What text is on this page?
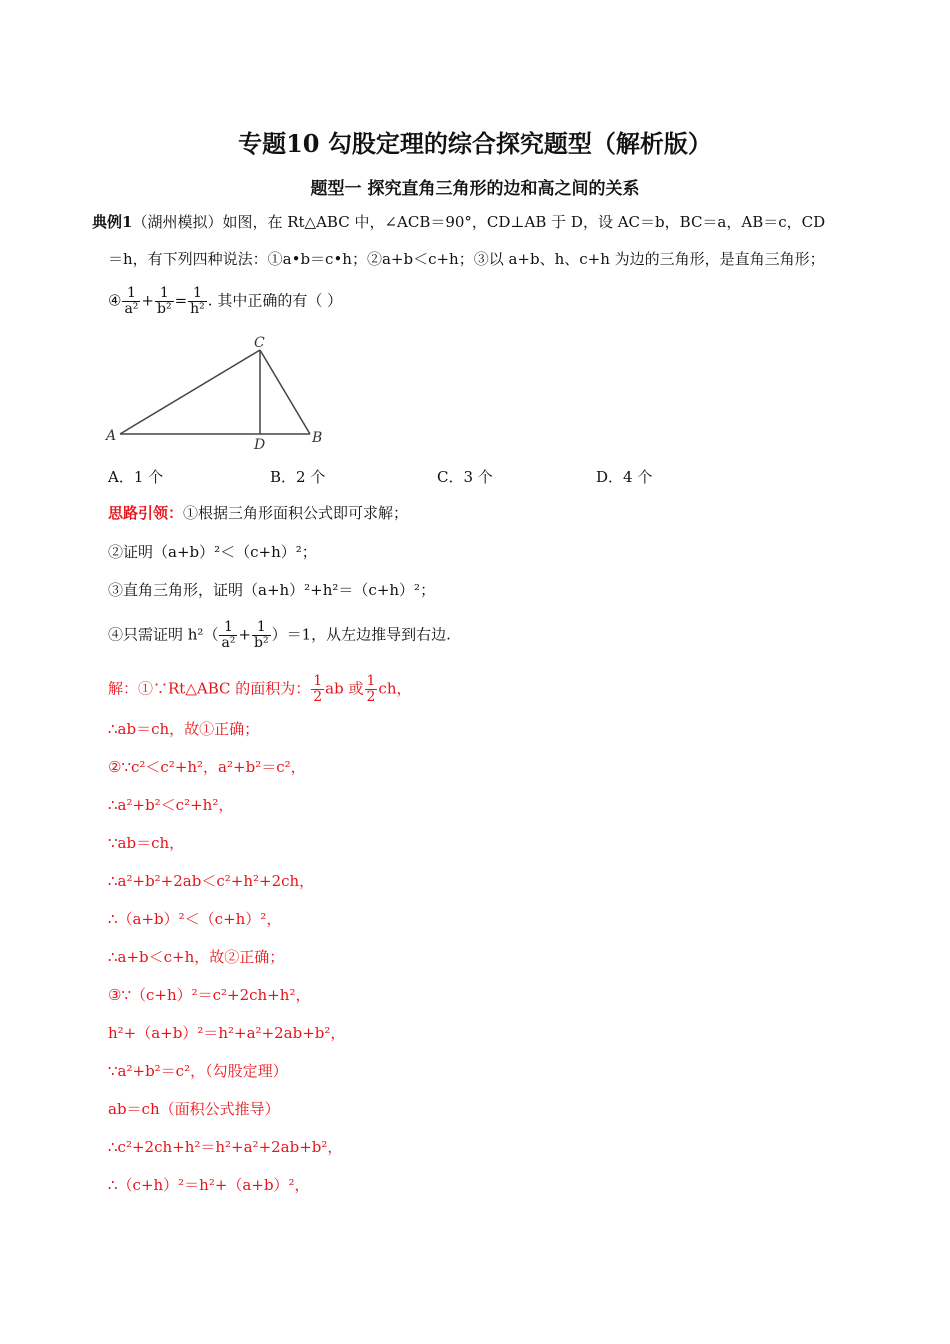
专题10 勾股定理的综合探究题型（解析版）
题型一 探究直角三角形的边和高之间的关系
典例1（湖州模拟）如图，在 Rt△ABC 中，∠ACB＝90°，CD⊥AB 于 D，设 AC＝b，BC＝a，AB＝c，CD
＝h，有下列四种说法：①a•b＝c•h；②a+b＜c+h；③以 a+b、h、c+h 为边的三角形，是直角三角形；
④ $\frac{1}{\text{a²}} + \frac{1}{\text{b²}} = \frac{1}{\text{h²}}$ . 其中正确的有（ ）
A	B
C
D
A．1 个	B．2 个	C．3 个	D．4 个
思路引领：①根据三角形面积公式即可求解；
②证明（a+b）²＜（c+h）²；
③直角三角形，证明（a+h）²+h²＝（c+h）²；
④只需证明 $h^2( \frac{1}{\text{a²}} + \frac{1}{\text{b²}} )=1$，从左边推导到右边.
解：①∵Rt△ABC 的面积为： $\frac{1}{2}$ ab 或 $\frac{1}{2}$ ch，
∴ab＝ch，故①正确；
②∵c²＜c²+h²，a²+b²＝c²，
∴a²+b²＜c²+h²，
∵ab＝ch，
∴a²+b²+2ab＜c²+h²+2ch，
∴（a+b）²＜（c+h）²，
∴a+b＜c+h，故②正确；
③∵（c+h）²＝c²+2ch+h²，
h²+（a+b）²＝h²+a²+2ab+b²，
∵a²+b²＝c²，（勾股定理）
ab＝ch（面积公式推导）
∴c²+2ch+h²＝h²+a²+2ab+b²，
∴（c+h）²＝h²+（a+b）²，
